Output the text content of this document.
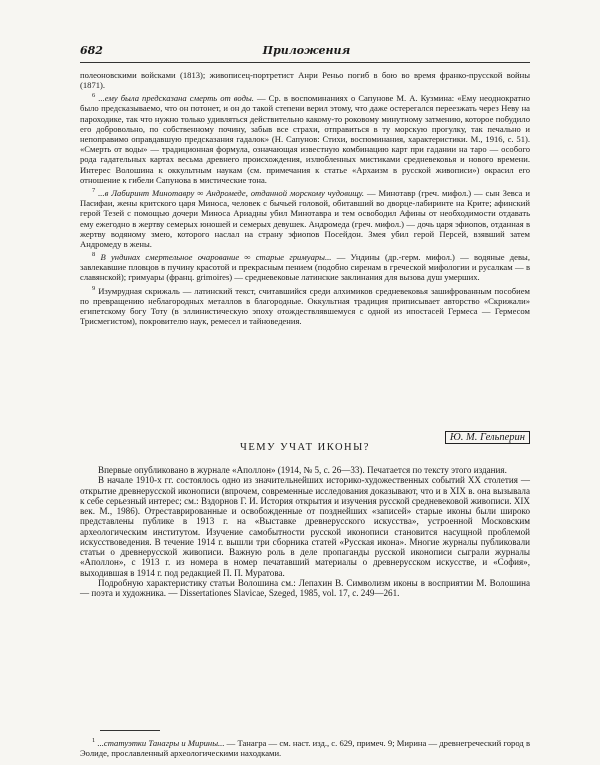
682	Приложения

полеоновскими войсками (1813); живописец-портретист Анри Реньо погиб в бою во время франко-прусской войны (1871).

$^6$ ...ему была предсказана смерть от воды. — Ср. в воспоминаниях о Сапунове М. А. Кузмина: «Ему неоднократно было предсказываемо, что он потонет, и он до такой степени верил этому, что даже остерегался переезжать через Неву на пароходике, так что нужно только удивляться действительно какому-то роковому минутному затмению, которое побудило его добровольно, по собственному почину, забыв все страхи, отправиться в ту морскую прогулку, так печально и непоправимо оправдавшую предсказания гадалок» (Н. Сапунов: Стихи, воспоминания, характеристики. М., 1916, с. 51). «Смерть от воды» — традиционная формула, означающая известную комбинацию карт при гадании на таро — особого рода гадательных картах весьма древнего происхождения, излюбленных мистиками средневековья и нового времени. Интерес Волошина к оккультным наукам (см. примечания к статье «Архаизм в русской живописи») окрасил его отношение к гибели Сапунова в мистические тона.

$^7$ ...в Лабиринт Минотавру ∞ Андромеде, отданной морскому чудовищу. — Минотавр (греч. мифол.) — сын Зевса и Пасифаи, жены критского царя Миноса, человек с бычьей головой, обитавший во дворце-лабиринте на Крите; афинский герой Тезей с помощью дочери Миноса Ариадны убил Минотавра и тем освободил Афины от необходимости отдавать ему ежегодно в жертву семерых юношей и семерых девушек. Андромеда (греч. мифол.) — дочь царя эфиопов, отданная в жертву водяному змею, которого наслал на страну эфиопов Посейдон. Змея убил герой Персей, взявший затем Андромеду в жены.

$^8$ В ундинах смертельное очарование ∞ старые гримуары... — Ундины (др.-герм. мифол.) — водяные девы, завлекавшие пловцов в пучину красотой и прекрасным пением (подобно сиренам в греческой мифологии и русалкам — в славянской); гримуары (франц. grimoires) — средневековые латинские заклинания для вызова душ умерших.

$^9$ Изумрудная скрижаль — латинский текст, считавшийся среди алхимиков средневековья зашифрованным пособием по превращению неблагородных металлов в благородные. Оккультная традиция приписывает авторство «Скрижали» египетскому богу Тоту (в эллинистическую эпоху отождествлявшемуся с одной из ипостасей Гермеса — Гермесом Трисмегистом), покровителю наук, ремесел и тайноведения.

Ю. М. Гельперин
ЧЕМУ УЧАТ ИКОНЫ?

Впервые опубликовано в журнале «Аполлон» (1914, № 5, с. 26—33). Печатается по тексту этого издания.

В начале 1910-х гг. состоялось одно из значительнейших историко-художественных событий XX столетия — открытие древнерусской иконописи (впрочем, современные исследования доказывают, что и в XIX в. она вызывала к себе серьезный интерес; см.: Вздорнов Г. И. История открытия и изучения русской средневековой живописи. XIX век. М., 1986). Отреставрированные и освобожденные от позднейших «записей» старые иконы были широко представлены публике в 1913 г. на «Выставке древнерусского искусства», устроенной Московским археологическим институтом. Изучение самобытности русской иконописи становится насущной проблемой искусствоведения. В течение 1914 г. вышли три сборника статей «Русская икона». Многие журналы публиковали статьи о древнерусской живописи. Важную роль в деле пропаганды русской иконописи сыграли журналы «Аполлон», с 1913 г. из номера в номер печатавший материалы о древнерусском искусстве, и «София», выходившая в 1914 г. под редакцией П. П. Муратова.

Подробную характеристику статьи Волошина см.: Лепахин В. Символизм иконы в восприятии М. Волошина — поэта и художника. — Dissertationes Slavicae, Szeged, 1985, vol. 17, с. 249—261.

$^1$ ...статуэтки Танагры и Мирины... — Танагра — см. наст. изд., с. 629, примеч. 9; Мирина — древнегреческий город в Эолиде, прославленный археологическими находками.
